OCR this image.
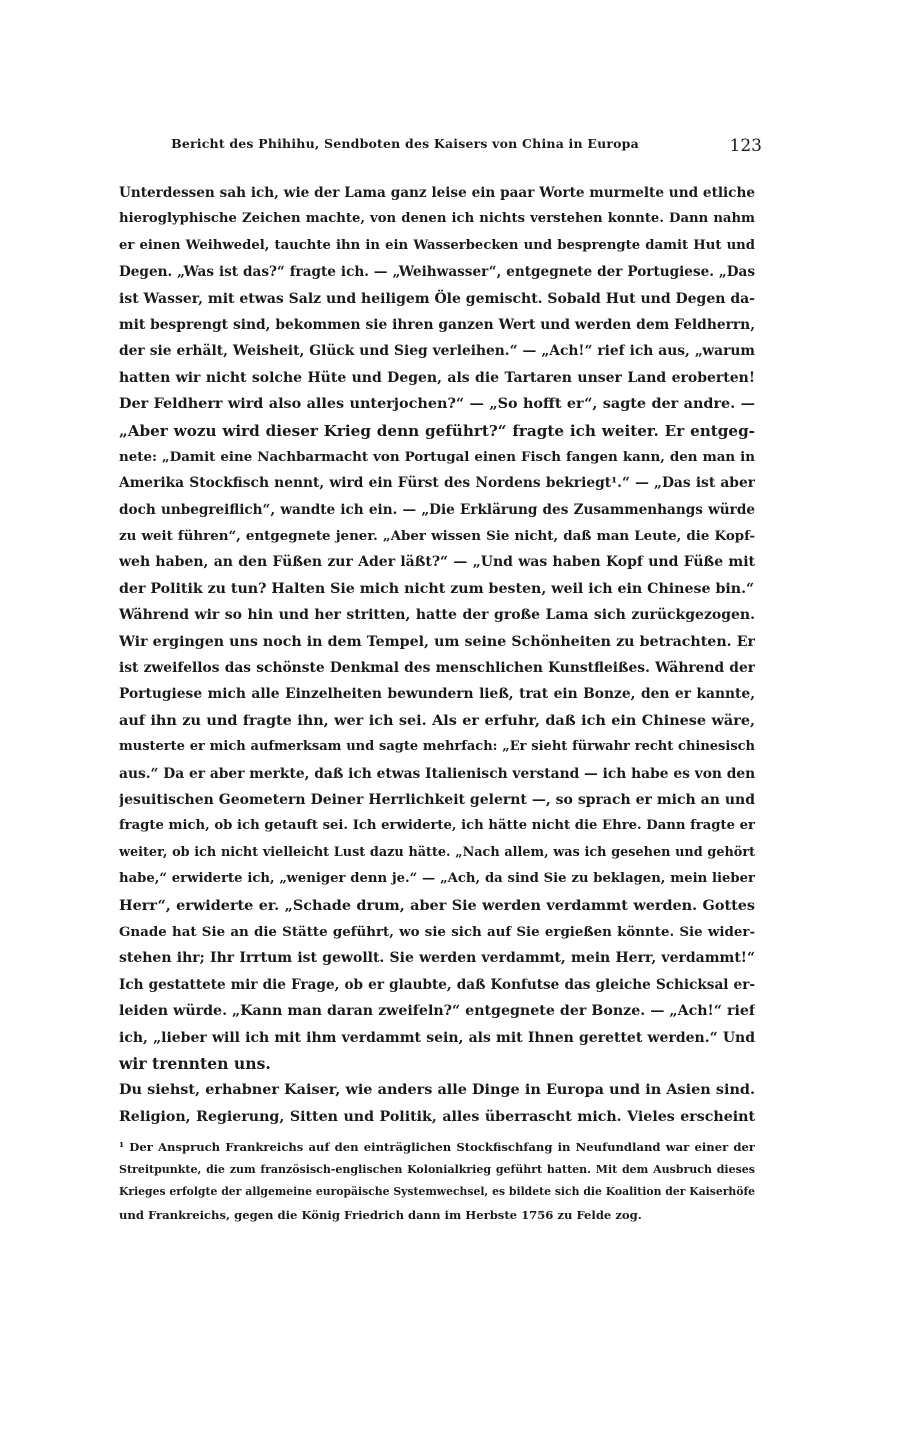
Bericht des Phihihu, Sendboten des Kaisers von China in Europa	123
Unterdessen sah ich, wie der Lama ganz leise ein paar Worte murmelte und etliche
hieroglyphische Zeichen machte, von denen ich nichts verstehen konnte. Dann nahm
er einen Weihwedel, tauchte ihn in ein Wasserbecken und besprengte damit Hut und
Degen. „Was ist das?“ fragte ich. — „Weihwasser“, entgegnete der Portugiese. „Das
ist Wasser, mit etwas Salz und heiligem Öle gemischt. Sobald Hut und Degen da-
mit besprengt sind, bekommen sie ihren ganzen Wert und werden dem Feldherrn,
der sie erhält, Weisheit, Glück und Sieg verleihen.“ — „Ach!“ rief ich aus, „warum
hatten wir nicht solche Hüte und Degen, als die Tartaren unser Land eroberten!
Der Feldherr wird also alles unterjochen?“ — „So hofft er“, sagte der andre. —
„Aber wozu wird dieser Krieg denn geführt?“ fragte ich weiter. Er entgeg-
nete: „Damit eine Nachbarmacht von Portugal einen Fisch fangen kann, den man in
Amerika Stockfisch nennt, wird ein Fürst des Nordens bekriegt¹.“ — „Das ist aber
doch unbegreiflich“, wandte ich ein. — „Die Erklärung des Zusammenhangs würde
zu weit führen“, entgegnete jener. „Aber wissen Sie nicht, daß man Leute, die Kopf-
weh haben, an den Füßen zur Ader läßt?“ — „Und was haben Kopf und Füße mit
der Politik zu tun? Halten Sie mich nicht zum besten, weil ich ein Chinese bin.“
Während wir so hin und her stritten, hatte der große Lama sich zurückgezogen.
Wir ergingen uns noch in dem Tempel, um seine Schönheiten zu betrachten. Er
ist zweifellos das schönste Denkmal des menschlichen Kunstfleißes. Während der
Portugiese mich alle Einzelheiten bewundern ließ, trat ein Bonze, den er kannte,
auf ihn zu und fragte ihn, wer ich sei. Als er erfuhr, daß ich ein Chinese wäre,
musterte er mich aufmerksam und sagte mehrfach: „Er sieht fürwahr recht chinesisch
aus.“ Da er aber merkte, daß ich etwas Italienisch verstand — ich habe es von den
jesuitischen Geometern Deiner Herrlichkeit gelernt —, so sprach er mich an und
fragte mich, ob ich getauft sei. Ich erwiderte, ich hätte nicht die Ehre. Dann fragte er
weiter, ob ich nicht vielleicht Lust dazu hätte. „Nach allem, was ich gesehen und gehört
habe,“ erwiderte ich, „weniger denn je.“ — „Ach, da sind Sie zu beklagen, mein lieber
Herr“, erwiderte er. „Schade drum, aber Sie werden verdammt werden. Gottes
Gnade hat Sie an die Stätte geführt, wo sie sich auf Sie ergießen könnte. Sie wider-
stehen ihr; Ihr Irrtum ist gewollt. Sie werden verdammt, mein Herr, verdammt!“
Ich gestattete mir die Frage, ob er glaubte, daß Konfutse das gleiche Schicksal er-
leiden würde. „Kann man daran zweifeln?“ entgegnete der Bonze. — „Ach!“ rief
ich, „lieber will ich mit ihm verdammt sein, als mit Ihnen gerettet werden.“ Und
wir trennten uns.
Du siehst, erhabner Kaiser, wie anders alle Dinge in Europa und in Asien sind.
Religion, Regierung, Sitten und Politik, alles überrascht mich. Vieles erscheint
¹ Der Anspruch Frankreichs auf den einträglichen Stockfischfang in Neufundland war einer der
Streitpunkte, die zum französisch-englischen Kolonialkrieg geführt hatten. Mit dem Ausbruch dieses
Krieges erfolgte der allgemeine europäische Systemwechsel, es bildete sich die Koalition der Kaiserhöfe
und Frankreichs, gegen die König Friedrich dann im Herbste 1756 zu Felde zog.
